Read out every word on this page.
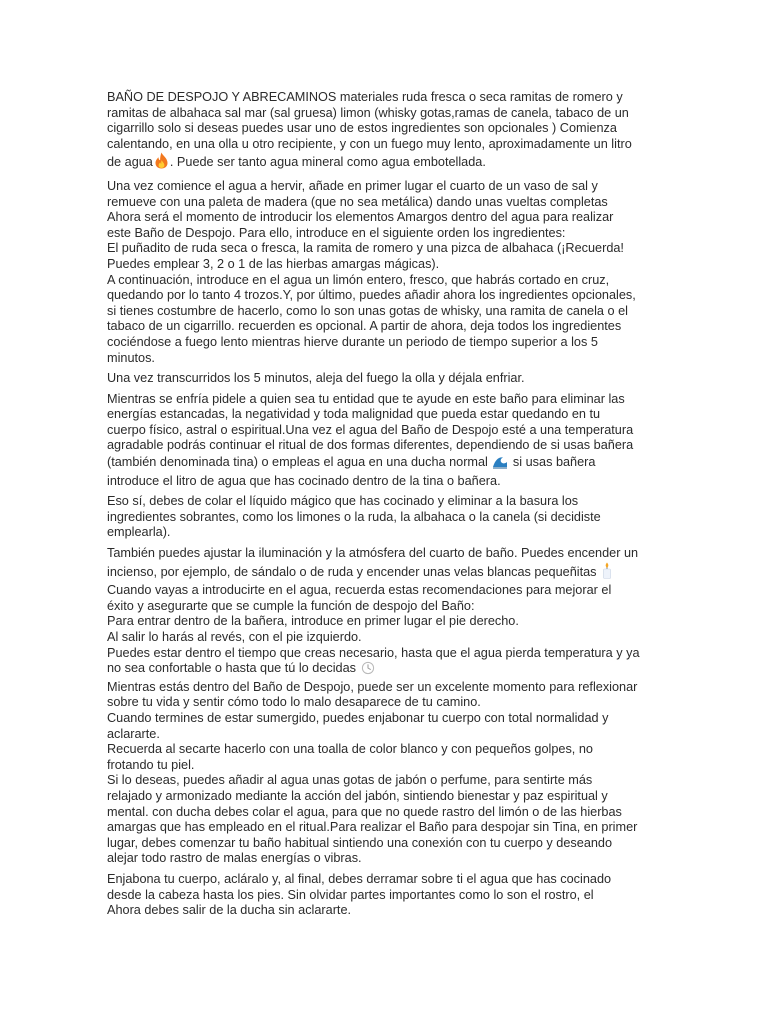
BAÑO DE DESPOJO Y ABRECAMINOS materiales ruda fresca o seca ramitas de romero y
ramitas de albahaca sal mar (sal gruesa) limon (whisky gotas,ramas de canela, tabaco de un
cigarrillo solo si deseas puedes usar uno de estos ingredientes son opcionales ) Comienza
calentando, en una olla u otro recipiente, y con un fuego muy lento, aproximadamente un litro
de agua . Puede ser tanto agua mineral como agua embotellada.

Una vez comience el agua a hervir, añade en primer lugar el cuarto de un vaso de sal y
remueve con una paleta de madera (que no sea metálica) dando unas vueltas completas
Ahora será el momento de introducir los elementos Amargos dentro del agua para realizar
este Baño de Despojo. Para ello, introduce en el siguiente orden los ingredientes:
El puñadito de ruda seca o fresca, la ramita de romero y una pizca de albahaca (¡Recuerda!
Puedes emplear 3, 2 o 1 de las hierbas amargas mágicas).
A continuación, introduce en el agua un limón entero, fresco, que habrás cortado en cruz,
quedando por lo tanto 4 trozos.Y, por último, puedes añadir ahora los ingredientes opcionales,
si tienes costumbre de hacerlo, como lo son unas gotas de whisky, una ramita de canela o el
tabaco de un cigarrillo. recuerden es opcional. A partir de ahora, deja todos los ingredientes
cociéndose a fuego lento mientras hierve durante un periodo de tiempo superior a los 5
minutos.

Una vez transcurridos los 5 minutos, aleja del fuego la olla y déjala enfriar.

Mientras se enfría pidele a quien sea tu entidad que te ayude en este baño para eliminar las
energías estancadas, la negatividad y toda malignidad que pueda estar quedando en tu
cuerpo físico, astral o espiritual.Una vez el agua del Baño de Despojo esté a una temperatura
agradable podrás continuar el ritual de dos formas diferentes, dependiendo de si usas bañera
(también denominada tina) o empleas el agua en una ducha normal  si usas bañera
introduce el litro de agua que has cocinado dentro de la tina o bañera.

Eso sí, debes de colar el líquido mágico que has cocinado y eliminar a la basura los
ingredientes sobrantes, como los limones o la ruda, la albahaca o la canela (si decidiste
emplearla).

También puedes ajustar la iluminación y la atmósfera del cuarto de baño. Puedes encender un
incienso, por ejemplo, de sándalo o de ruda y encender unas velas blancas pequeñitas
Cuando vayas a introducirte en el agua, recuerda estas recomendaciones para mejorar el
éxito y asegurarte que se cumple la función de despojo del Baño:
Para entrar dentro de la bañera, introduce en primer lugar el pie derecho.
Al salir lo harás al revés, con el pie izquierdo.
Puedes estar dentro el tiempo que creas necesario, hasta que el agua pierda temperatura y ya
no sea confortable o hasta que tú lo decidas
Mientras estás dentro del Baño de Despojo, puede ser un excelente momento para reflexionar
sobre tu vida y sentir cómo todo lo malo desaparece de tu camino.
Cuando termines de estar sumergido, puedes enjabonar tu cuerpo con total normalidad y
aclararte.
Recuerda al secarte hacerlo con una toalla de color blanco y con pequeños golpes, no
frotando tu piel.
Si lo deseas, puedes añadir al agua unas gotas de jabón o perfume, para sentirte más
relajado y armonizado mediante la acción del jabón, sintiendo bienestar y paz espiritual y
mental. con ducha debes colar el agua, para que no quede rastro del limón o de las hierbas
amargas que has empleado en el ritual.Para realizar el Baño para despojar sin Tina, en primer
lugar, debes comenzar tu baño habitual sintiendo una conexión con tu cuerpo y deseando
alejar todo rastro de malas energías o vibras.

Enjabona tu cuerpo, acláralo y, al final, debes derramar sobre ti el agua que has cocinado
desde la cabeza hasta los pies. Sin olvidar partes importantes como lo son el rostro, el
Ahora debes salir de la ducha sin aclararte.
